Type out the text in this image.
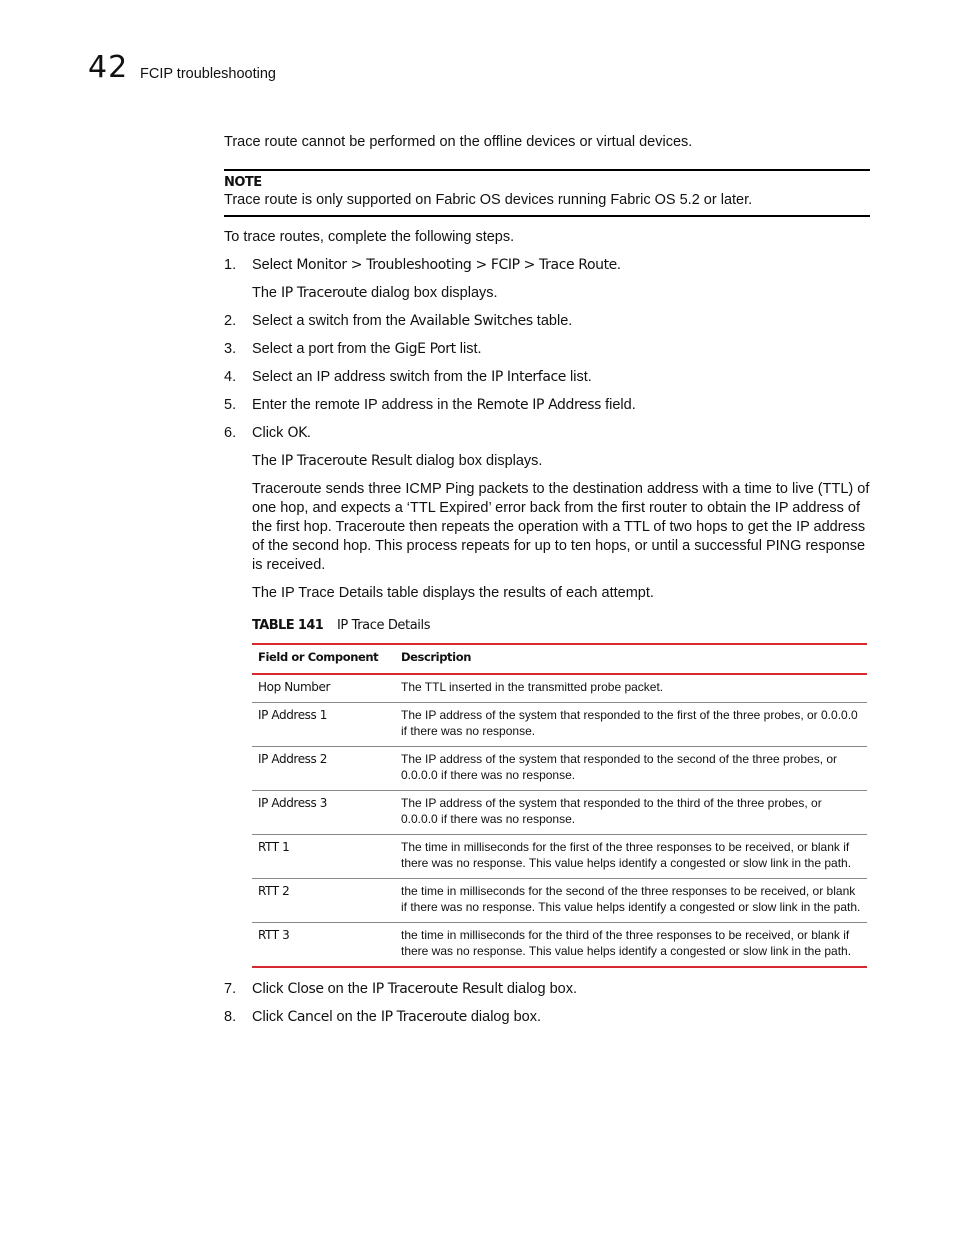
42 FCIP troubleshooting

Trace route cannot be performed on the offline devices or virtual devices.

NOTE
Trace route is only supported on Fabric OS devices running Fabric OS 5.2 or later.

To trace routes, complete the following steps.

1. Select Monitor > Troubleshooting > FCIP > Trace Route.
The IP Traceroute dialog box displays.
2. Select a switch from the Available Switches table.
3. Select a port from the GigE Port list.
4. Select an IP address switch from the IP Interface list.
5. Enter the remote IP address in the Remote IP Address field.
6. Click OK.
The IP Traceroute Result dialog box displays.
Traceroute sends three ICMP Ping packets to the destination address with a time to live (TTL) of one hop, and expects a ‘TTL Expired’ error back from the first router to obtain the IP address of the first hop. Traceroute then repeats the operation with a TTL of two hops to get the IP address of the second hop. This process repeats for up to ten hops, or until a successful PING response is received.
The IP Trace Details table displays the results of each attempt.
TABLE 141	IP Trace Details
Field or Component	Description
Hop Number	The TTL inserted in the transmitted probe packet.
IP Address 1	The IP address of the system that responded to the first of the three probes, or 0.0.0.0 if there was no response.
IP Address 2	The IP address of the system that responded to the second of the three probes, or 0.0.0.0 if there was no response.
IP Address 3	The IP address of the system that responded to the third of the three probes, or 0.0.0.0 if there was no response.
RTT 1	The time in milliseconds for the first of the three responses to be received, or blank if there was no response. This value helps identify a congested or slow link in the path.
RTT 2	the time in milliseconds for the second of the three responses to be received, or blank if there was no response. This value helps identify a congested or slow link in the path.
RTT 3	the time in milliseconds for the third of the three responses to be received, or blank if there was no response. This value helps identify a congested or slow link in the path.
7. Click Close on the IP Traceroute Result dialog box.
8. Click Cancel on the IP Traceroute dialog box.
